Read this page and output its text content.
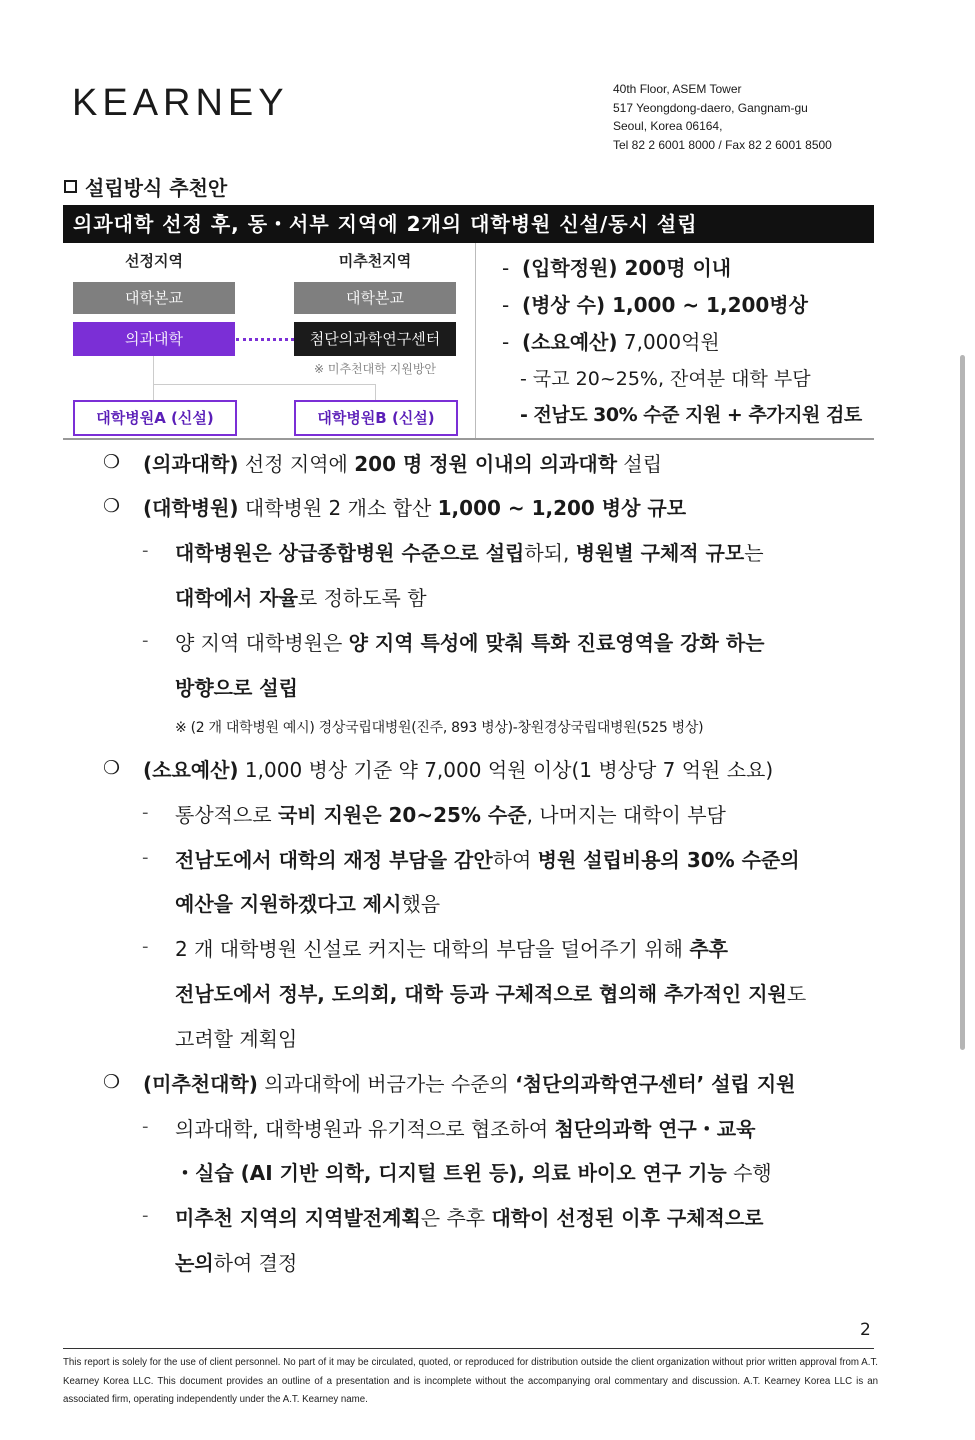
KEARNEY	40th Floor, ASEM Tower
517 Yeongdong-daero, Gangnam-gu
Seoul, Korea 06164,
Tel 82 2 6001 8000 / Fax 82 2 6001 8500
설립방식 추천안
의과대학 선정 후, 동・서부 지역에 2개의 대학병원 신설/동시 설립
선정지역	미추천지역
대학본교	대학본교
의과대학	첨단의과학연구센터
※ 미추천대학 지원방안
대학병원A (신설)	대학병원B (신설)
- (입학정원) 200명 이내
- (병상 수) 1,000 ~ 1,200병상
- (소요예산) 7,000억원
- 국고 20~25%, 잔여분 대학 부담
- 전남도 30% 수준 지원 + 추가지원 검토
❍ (의과대학) 선정 지역에 200 명 정원 이내의 의과대학 설립
❍ (대학병원) 대학병원 2 개소 합산 1,000 ~ 1,200 병상 규모
- 대학병원은 상급종합병원 수준으로 설립하되, 병원별 구체적 규모는
대학에서 자율로 정하도록 함
- 양 지역 대학병원은 양 지역 특성에 맞춰 특화 진료영역을 강화 하는
방향으로 설립
※ (2 개 대학병원 예시) 경상국립대병원(진주, 893 병상)-창원경상국립대병원(525 병상)
❍ (소요예산) 1,000 병상 기준 약 7,000 억원 이상(1 병상당 7 억원 소요)
- 통상적으로 국비 지원은 20~25% 수준, 나머지는 대학이 부담
- 전남도에서 대학의 재정 부담을 감안하여 병원 설립비용의 30% 수준의
예산을 지원하겠다고 제시했음
- 2 개 대학병원 신설로 커지는 대학의 부담을 덜어주기 위해 추후
전남도에서 정부, 도의회, 대학 등과 구체적으로 협의해 추가적인 지원도
고려할 계획임
❍ (미추천대학) 의과대학에 버금가는 수준의 ‘첨단의과학연구센터’ 설립 지원
- 의과대학, 대학병원과 유기적으로 협조하여 첨단의과학 연구・교육
・실습 (AI 기반 의학, 디지털 트윈 등), 의료 바이오 연구 기능 수행
- 미추천 지역의 지역발전계획은 추후 대학이 선정된 이후 구체적으로
논의하여 결정
2
This report is solely for the use of client personnel. No part of it may be circulated, quoted, or reproduced for distribution outside the client organization without prior written approval from A.T. Kearney Korea LLC. This document provides an outline of a presentation and is incomplete without the accompanying oral commentary and discussion. A.T. Kearney Korea LLC is an associated firm, operating independently under the A.T. Kearney name.
